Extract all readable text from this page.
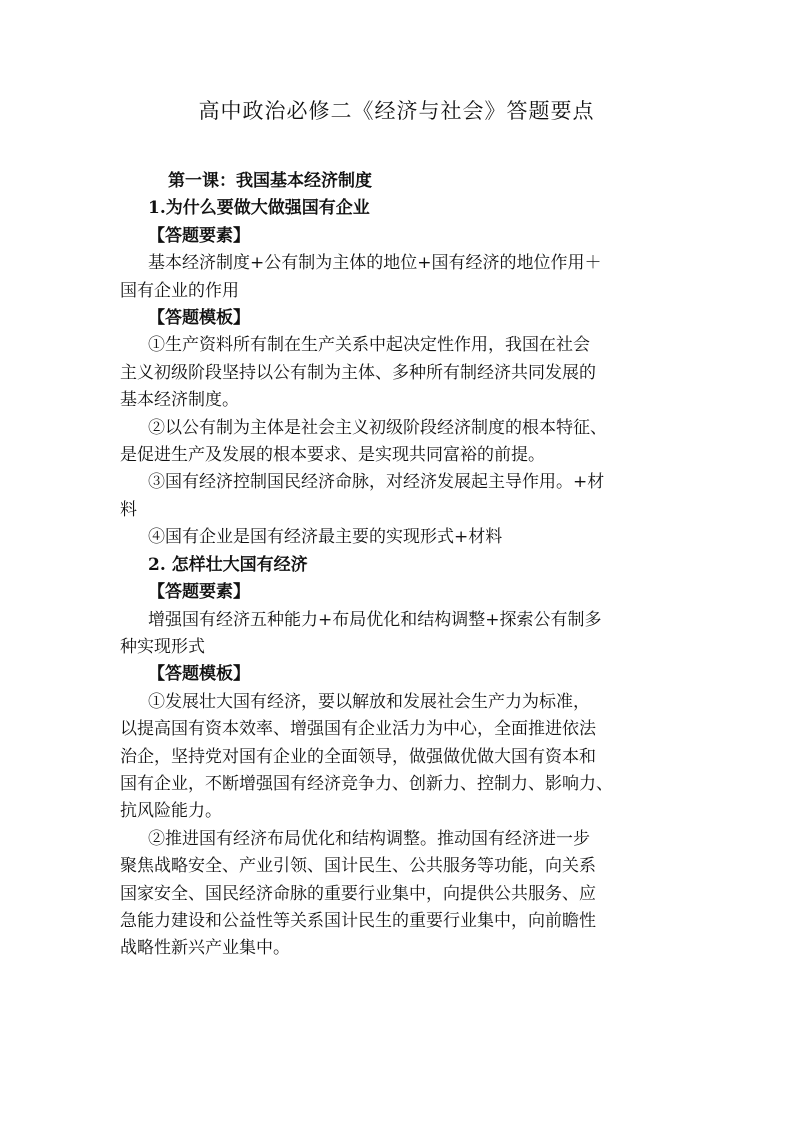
高中政治必修二《经济与社会》答题要点
第一课：我国基本经济制度
1.为什么要做大做强国有企业
【答题要素】
基本经济制度+公有制为主体的地位+国有经济的地位作用＋
国有企业的作用
【答题模板】
①生产资料所有制在生产关系中起决定性作用，我国在社会
主义初级阶段坚持以公有制为主体、多种所有制经济共同发展的
基本经济制度。
②以公有制为主体是社会主义初级阶段经济制度的根本特征、
是促进生产及发展的根本要求、是实现共同富裕的前提。
③国有经济控制国民经济命脉，对经济发展起主导作用。+材
料
④国有企业是国有经济最主要的实现形式+材料
2. 怎样壮大国有经济
【答题要素】
增强国有经济五种能力+布局优化和结构调整+探索公有制多
种实现形式
【答题模板】
①发展壮大国有经济，要以解放和发展社会生产力为标准，
以提高国有资本效率、增强国有企业活力为中心，全面推进依法
治企，坚持党对国有企业的全面领导，做强做优做大国有资本和
国有企业，不断增强国有经济竞争力、创新力、控制力、影响力、
抗风险能力。
②推进国有经济布局优化和结构调整。推动国有经济进一步
聚焦战略安全、产业引领、国计民生、公共服务等功能，向关系
国家安全、国民经济命脉的重要行业集中，向提供公共服务、应
急能力建设和公益性等关系国计民生的重要行业集中，向前瞻性
战略性新兴产业集中。
